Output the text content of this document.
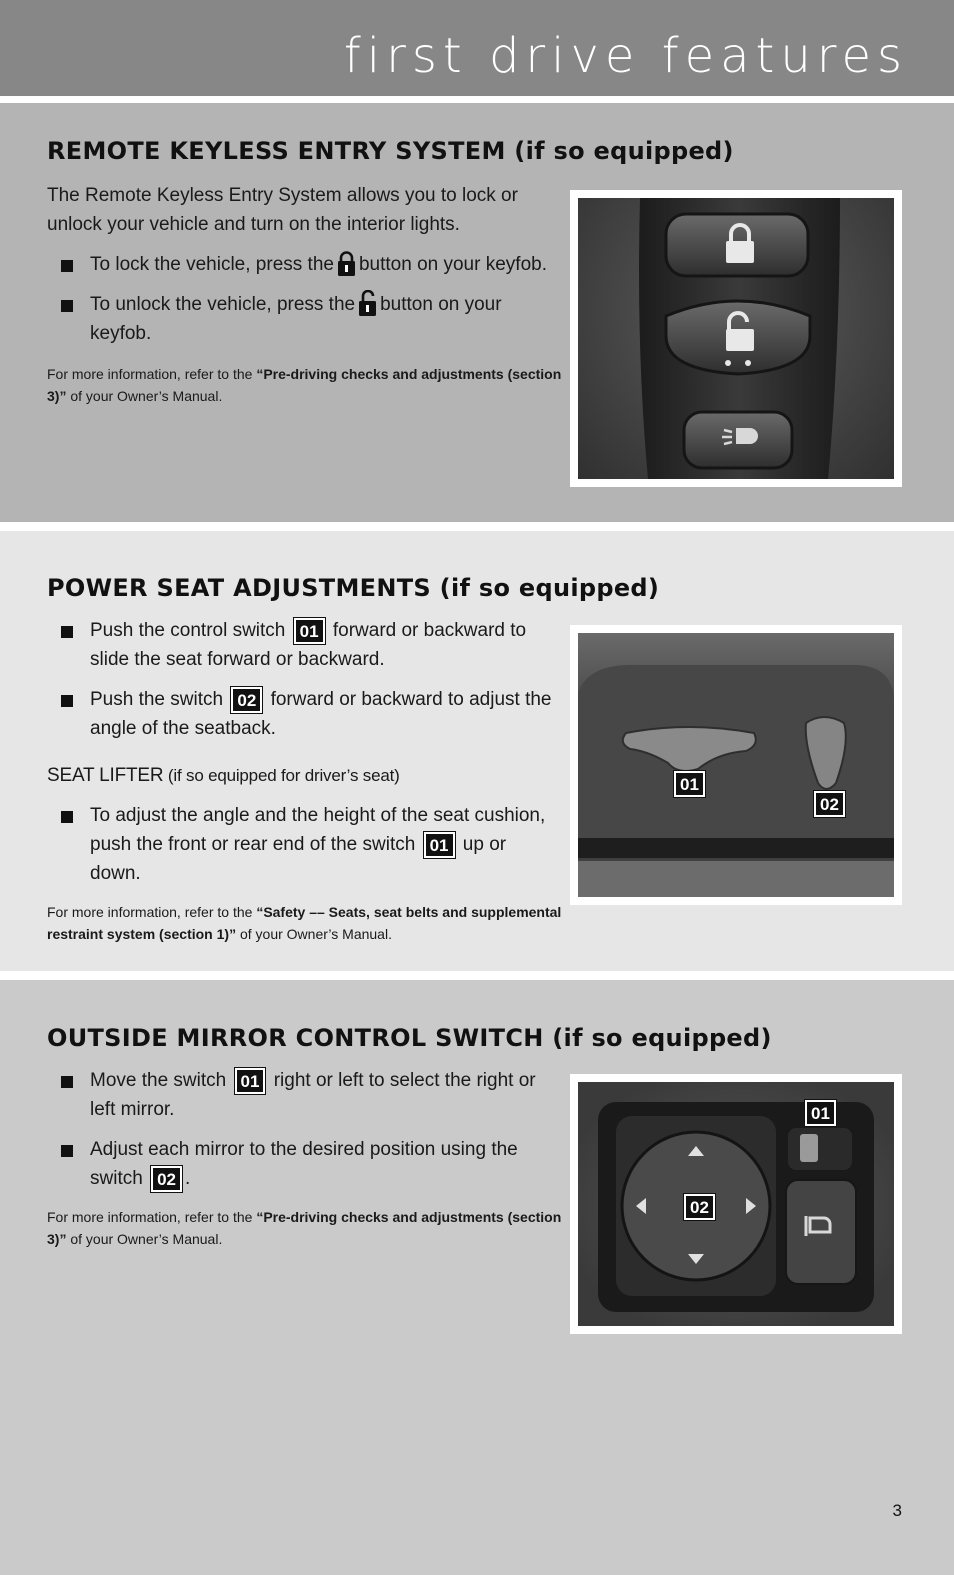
first drive features
REMOTE KEYLESS ENTRY SYSTEM (if so equipped)

The Remote Keyless Entry System allows you to lock or unlock your vehicle and turn on the interior lights.

To lock the vehicle, press the button on your keyfob.
To unlock the vehicle, press the button on your keyfob.

For more information, refer to the “Pre-driving checks and adjustments (section 3)” of your Owner’s Manual.

POWER SEAT ADJUSTMENTS (if so equipped)
Push the control switch 01 forward or backward to slide the seat forward or backward.
Push the switch 02 forward or backward to adjust the angle of the seatback.

SEAT LIFTER (if so equipped for driver’s seat)

To adjust the angle and the height of the seat cushion, push the front or rear end of the switch 01 up or down.

For more information, refer to the “Safety –– Seats, seat belts and supplemental restraint system (section 1)” of your Owner’s Manual.

01
02
OUTSIDE MIRROR CONTROL SWITCH (if so equipped)
Move the switch 01 right or left to select the right or left mirror.
Adjust each mirror to the desired position using the switch 02 .

For more information, refer to the “Pre-driving checks and adjustments (section 3)” of your Owner’s Manual.

01
02
3
